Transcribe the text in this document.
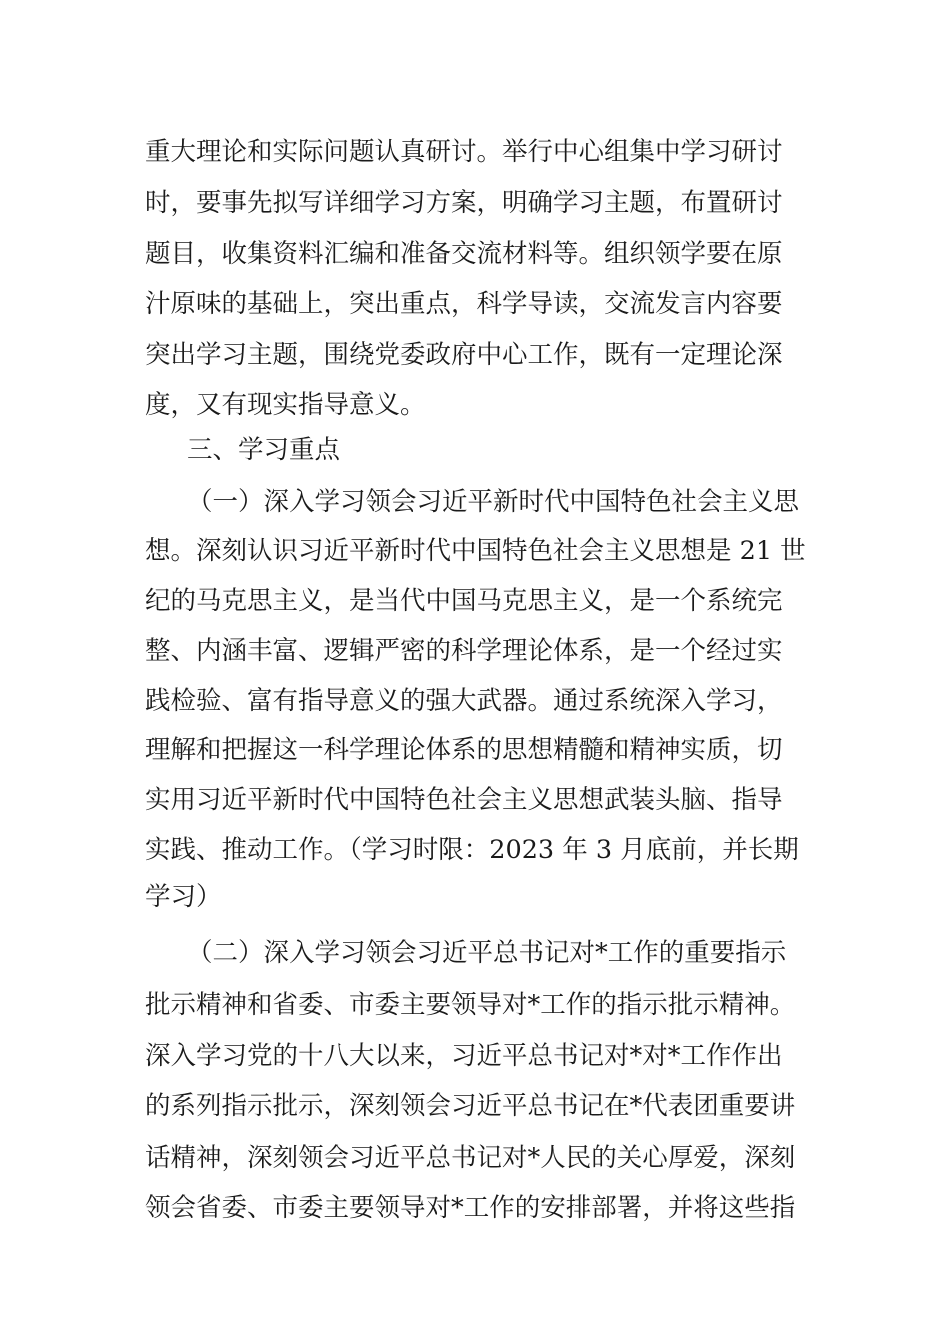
重大理论和实际问题认真研讨。举行中心组集中学习研讨
时，要事先拟写详细学习方案，明确学习主题，布置研讨
题目，收集资料汇编和准备交流材料等。组织领学要在原
汁原味的基础上，突出重点，科学导读，交流发言内容要
突出学习主题，围绕党委政府中心工作，既有一定理论深
度，又有现实指导意义。
三、学习重点
（一）深入学习领会习近平新时代中国特色社会主义思
想。深刻认识习近平新时代中国特色社会主义思想是 21 世
纪的马克思主义，是当代中国马克思主义，是一个系统完
整、内涵丰富、逻辑严密的科学理论体系，是一个经过实
践检验、富有指导意义的强大武器。通过系统深入学习，
理解和把握这一科学理论体系的思想精髓和精神实质，切
实用习近平新时代中国特色社会主义思想武装头脑、指导
实践、推动工作。（学习时限：2023 年 3 月底前，并长期
学习）
（二）深入学习领会习近平总书记对*工作的重要指示
批示精神和省委、市委主要领导对*工作的指示批示精神。
深入学习党的十八大以来，习近平总书记对*对*工作作出
的系列指示批示，深刻领会习近平总书记在*代表团重要讲
话精神，深刻领会习近平总书记对*人民的关心厚爱，深刻
领会省委、市委主要领导对*工作的安排部署，并将这些指
